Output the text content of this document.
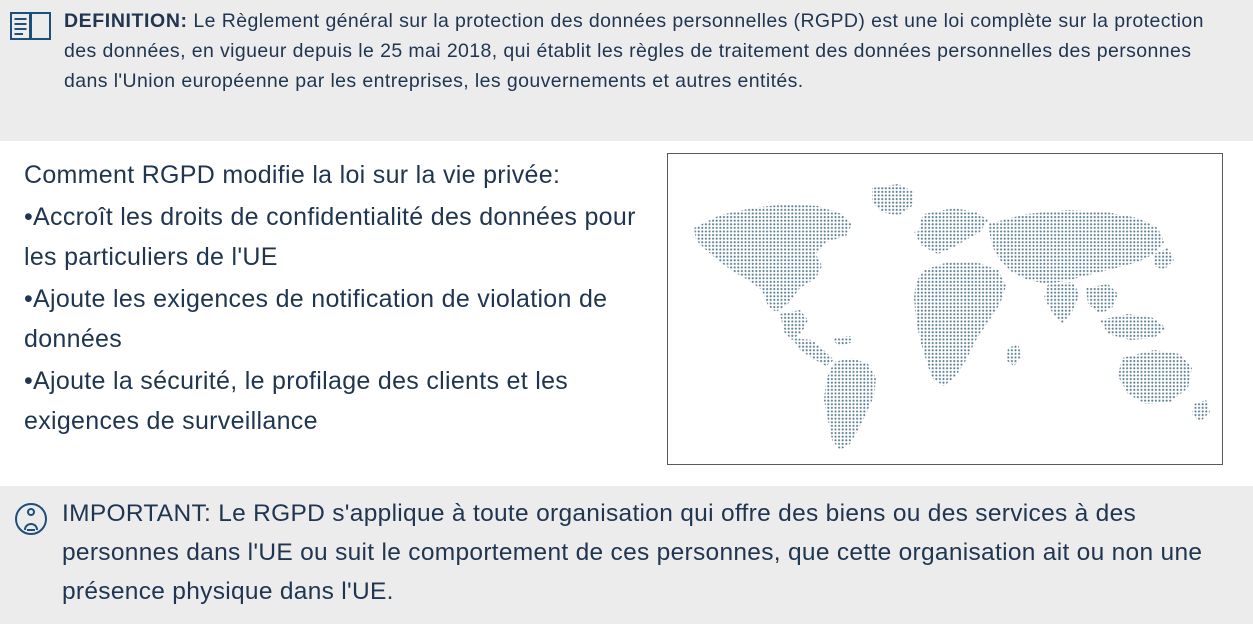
DEFINITION: Le Règlement général sur la protection des données personnelles (RGPD) est une loi complète sur la protection des données, en vigueur depuis le 25 mai 2018, qui établit les règles de traitement des données personnelles des personnes dans l'Union européenne par les entreprises, les gouvernements et autres entités.

Comment RGPD modifie la loi sur la vie privée:

•Accroît les droits de confidentialité des données pour les particuliers de l'UE

•Ajoute les exigences de notification de violation de données

•Ajoute la sécurité, le profilage des clients et les exigences de surveillance

IMPORTANT: Le RGPD s'applique à toute organisation qui offre des biens ou des services à des personnes dans l'UE ou suit le comportement de ces personnes, que cette organisation ait ou non une présence physique dans l'UE.
